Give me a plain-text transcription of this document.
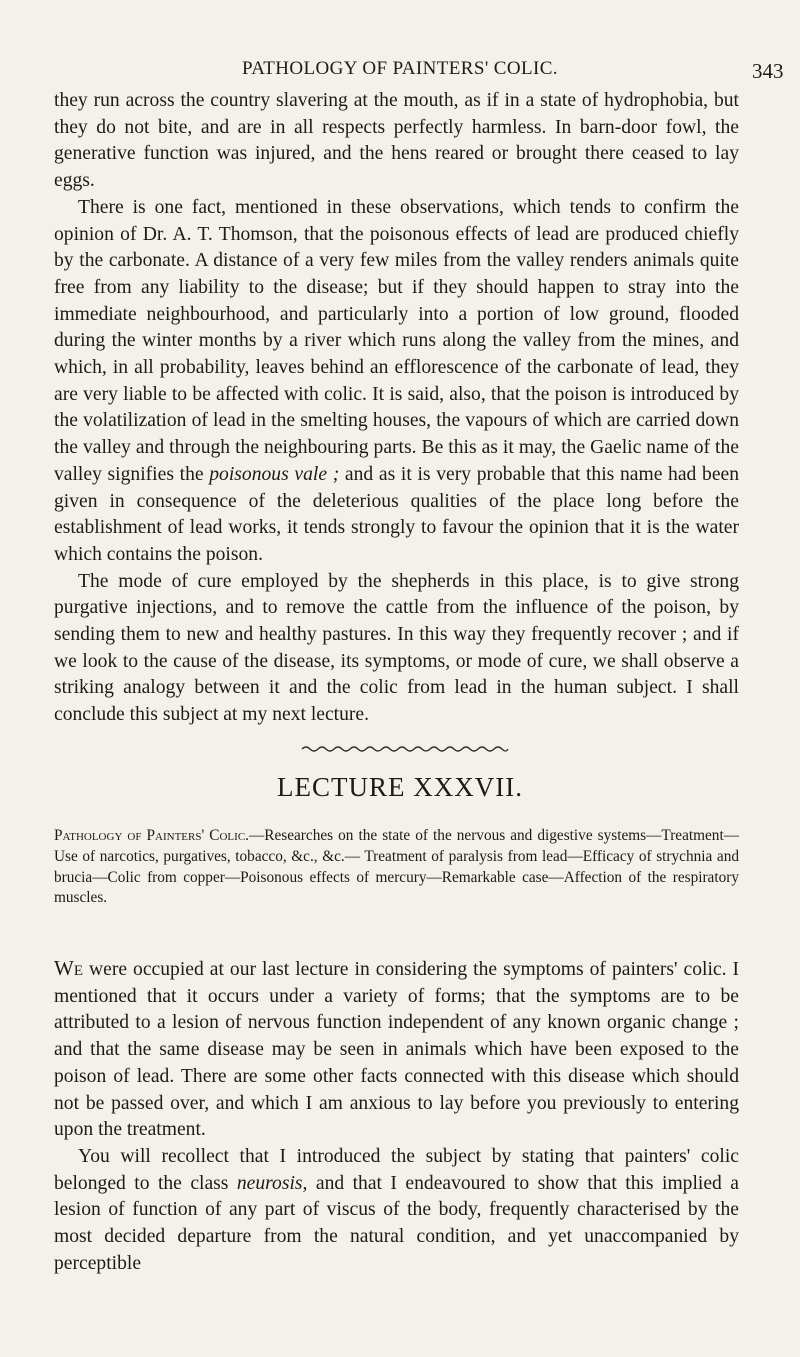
PATHOLOGY OF PAINTERS' COLIC.	343

they run across the country slavering at the mouth, as if in a state of hydrophobia, but they do not bite, and are in all respects perfectly harmless. In barn-door fowl, the generative function was injured, and the hens reared or brought there ceased to lay eggs.

There is one fact, mentioned in these observations, which tends to confirm the opinion of Dr. A. T. Thomson, that the poisonous effects of lead are produced chiefly by the carbonate. A distance of a very few miles from the valley renders animals quite free from any liability to the disease; but if they should happen to stray into the immediate neighbourhood, and particularly into a portion of low ground, flooded during the winter months by a river which runs along the valley from the mines, and which, in all probability, leaves behind an efflorescence of the carbonate of lead, they are very liable to be affected with colic. It is said, also, that the poison is introduced by the volatilization of lead in the smelting houses, the vapours of which are carried down the valley and through the neighbouring parts. Be this as it may, the Gaelic name of the valley signifies the poisonous vale ; and as it is very probable that this name had been given in consequence of the deleterious qualities of the place long before the establishment of lead works, it tends strongly to favour the opinion that it is the water which contains the poison.

The mode of cure employed by the shepherds in this place, is to give strong purgative injections, and to remove the cattle from the influence of the poison, by sending them to new and healthy pastures. In this way they frequently recover ; and if we look to the cause of the disease, its symptoms, or mode of cure, we shall observe a striking analogy between it and the colic from lead in the human subject. I shall conclude this subject at my next lecture.

LECTURE XXXVII.

Pathology of Painters' Colic.—Researches on the state of the nervous and digestive systems—Treatment—Use of narcotics, purgatives, tobacco, &c., &c.— Treatment of paralysis from lead—Efficacy of strychnia and brucia—Colic from copper—Poisonous effects of mercury—Remarkable case—Affection of the respiratory muscles.

We were occupied at our last lecture in considering the symptoms of painters' colic. I mentioned that it occurs under a variety of forms; that the symptoms are to be attributed to a lesion of nervous function independent of any known organic change ; and that the same disease may be seen in animals which have been exposed to the poison of lead. There are some other facts connected with this disease which should not be passed over, and which I am anxious to lay before you previously to entering upon the treatment.

You will recollect that I introduced the subject by stating that painters' colic belonged to the class neurosis, and that I endeavoured to show that this implied a lesion of function of any part of viscus of the body, frequently characterised by the most decided departure from the natural condition, and yet unaccompanied by perceptible
